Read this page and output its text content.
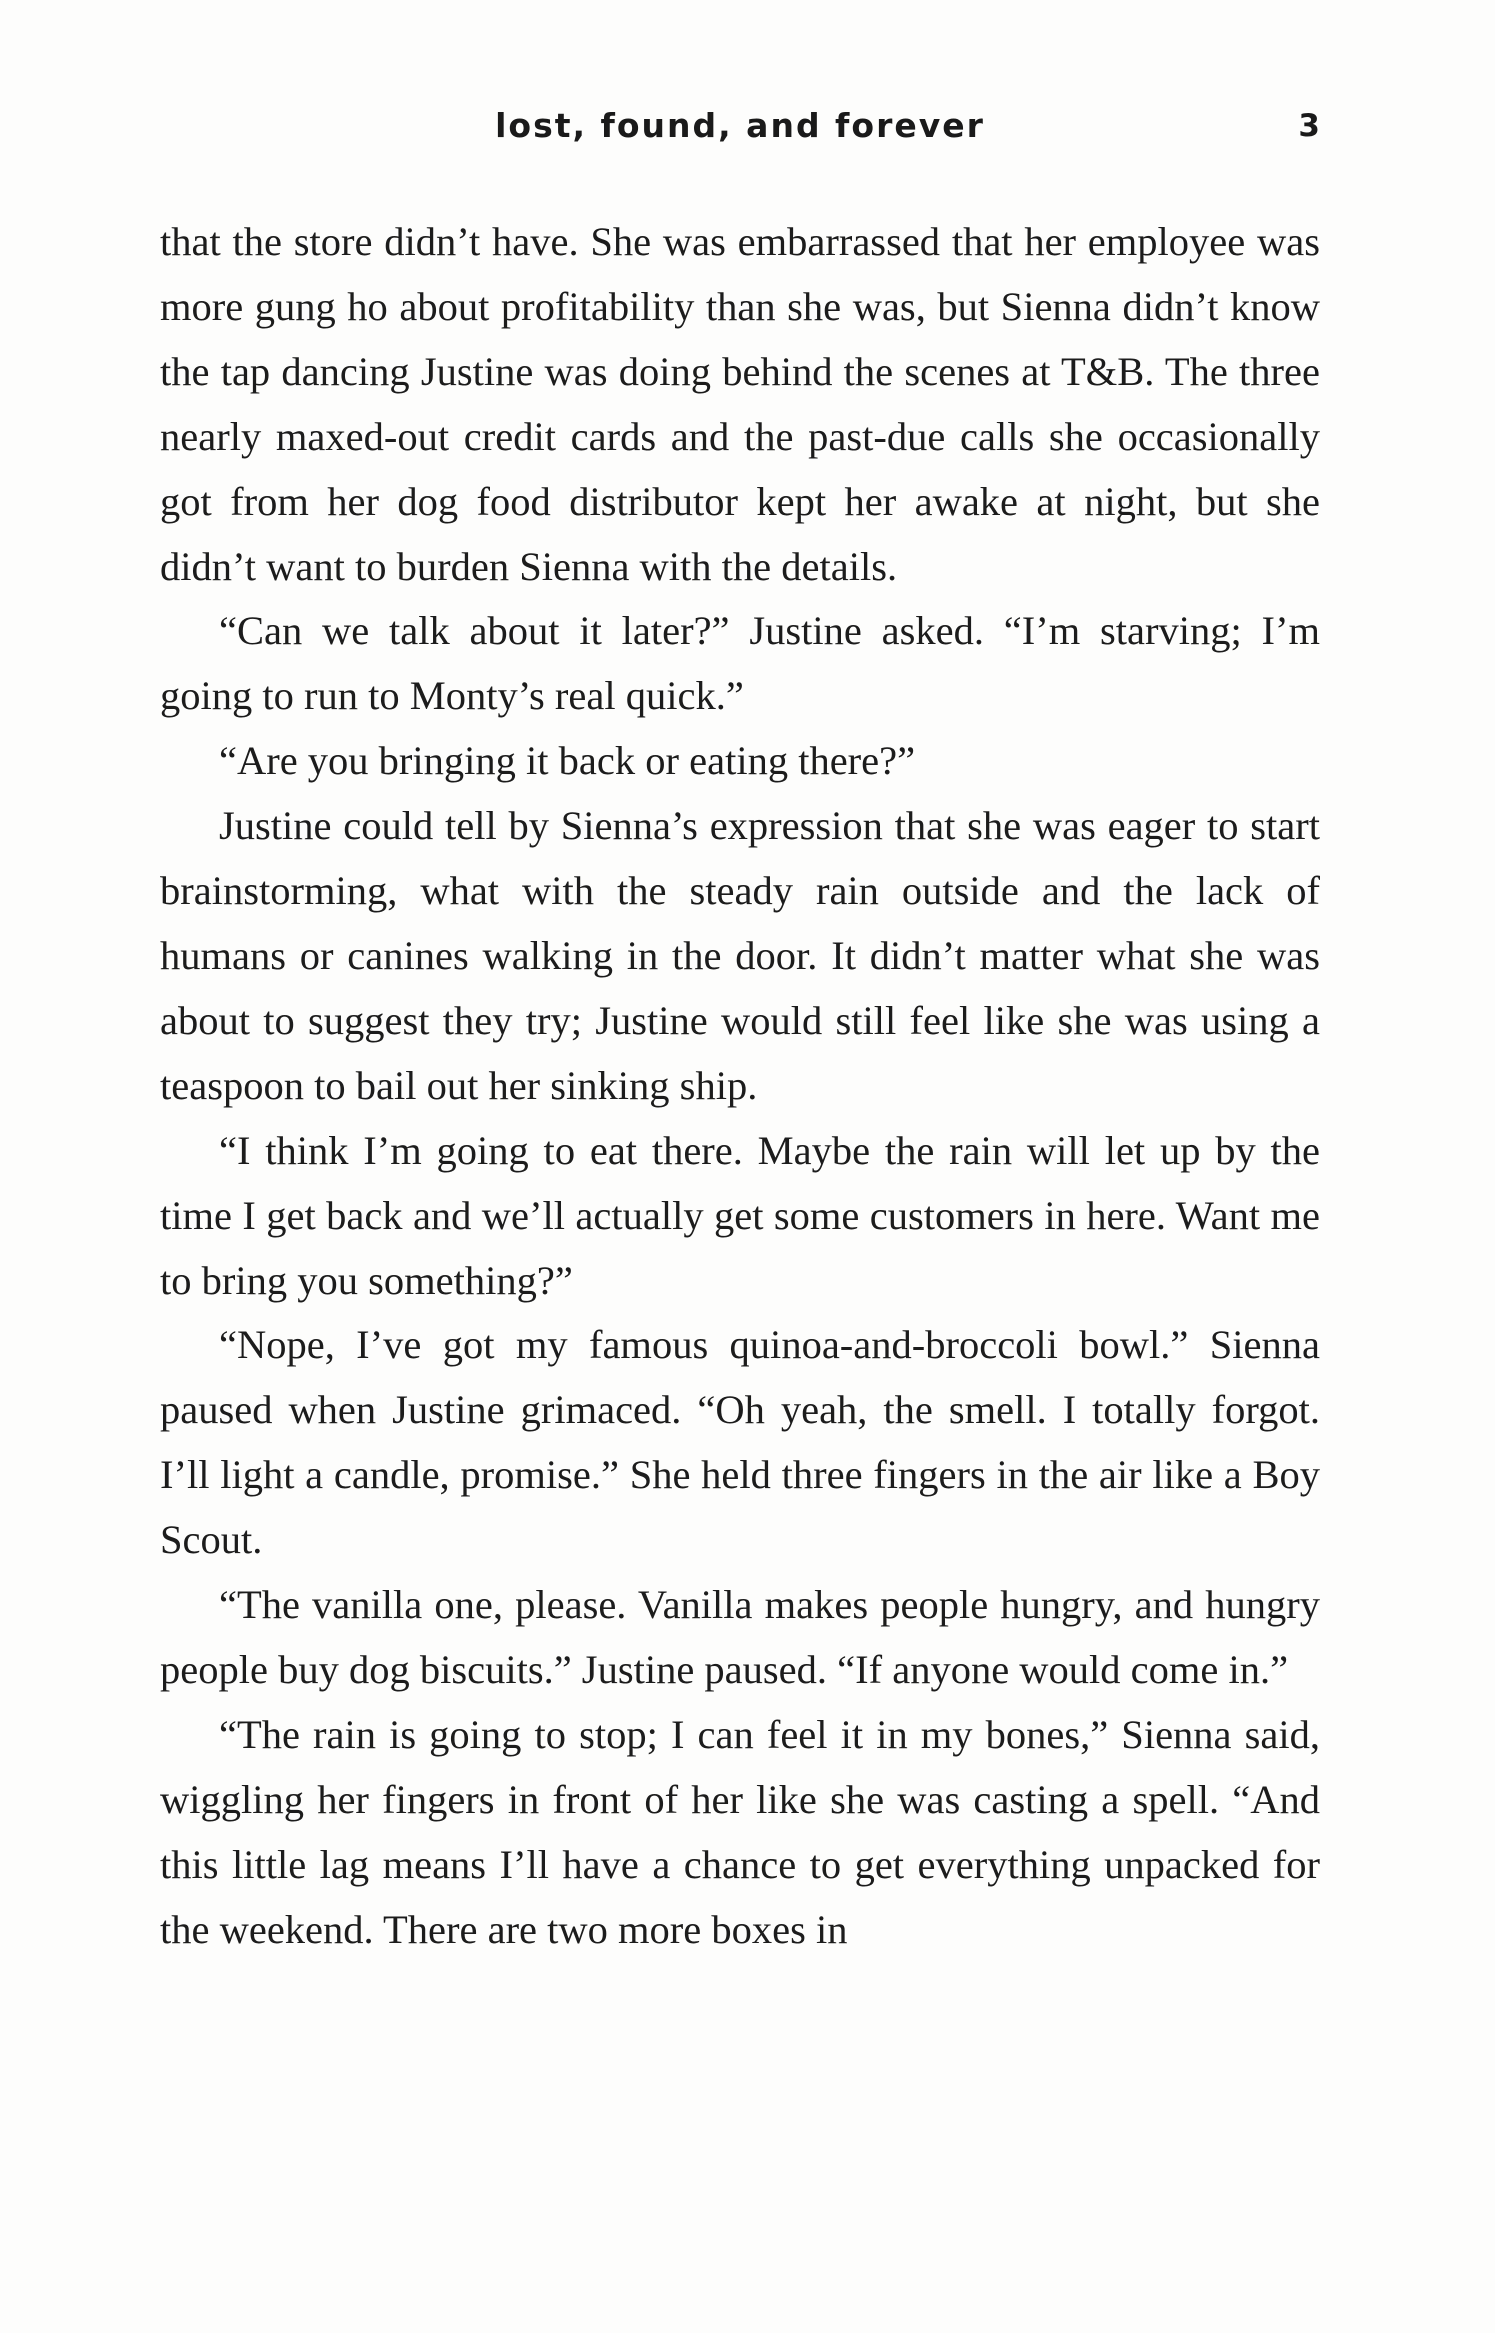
lost, found, and forever	3

that the store didn’t have. She was embarrassed that her employee was more gung ho about profitability than she was, but Sienna didn’t know the tap dancing Justine was doing behind the scenes at T&B. The three nearly maxed-out credit cards and the past-due calls she occasionally got from her dog food distributor kept her awake at night, but she didn’t want to burden Sienna with the details.

“Can we talk about it later?” Justine asked. “I’m starving; I’m going to run to Monty’s real quick.”

“Are you bringing it back or eating there?”

Justine could tell by Sienna’s expression that she was eager to start brainstorming, what with the steady rain outside and the lack of humans or canines walking in the door. It didn’t matter what she was about to suggest they try; Justine would still feel like she was using a teaspoon to bail out her sinking ship.

“I think I’m going to eat there. Maybe the rain will let up by the time I get back and we’ll actually get some customers in here. Want me to bring you something?”

“Nope, I’ve got my famous quinoa-and-broccoli bowl.” Sienna paused when Justine grimaced. “Oh yeah, the smell. I totally forgot. I’ll light a candle, promise.” She held three fingers in the air like a Boy Scout.

“The vanilla one, please. Vanilla makes people hungry, and hungry people buy dog biscuits.” Justine paused. “If anyone would come in.”

“The rain is going to stop; I can feel it in my bones,” Sienna said, wiggling her fingers in front of her like she was casting a spell. “And this little lag means I’ll have a chance to get everything unpacked for the weekend. There are two more boxes in
